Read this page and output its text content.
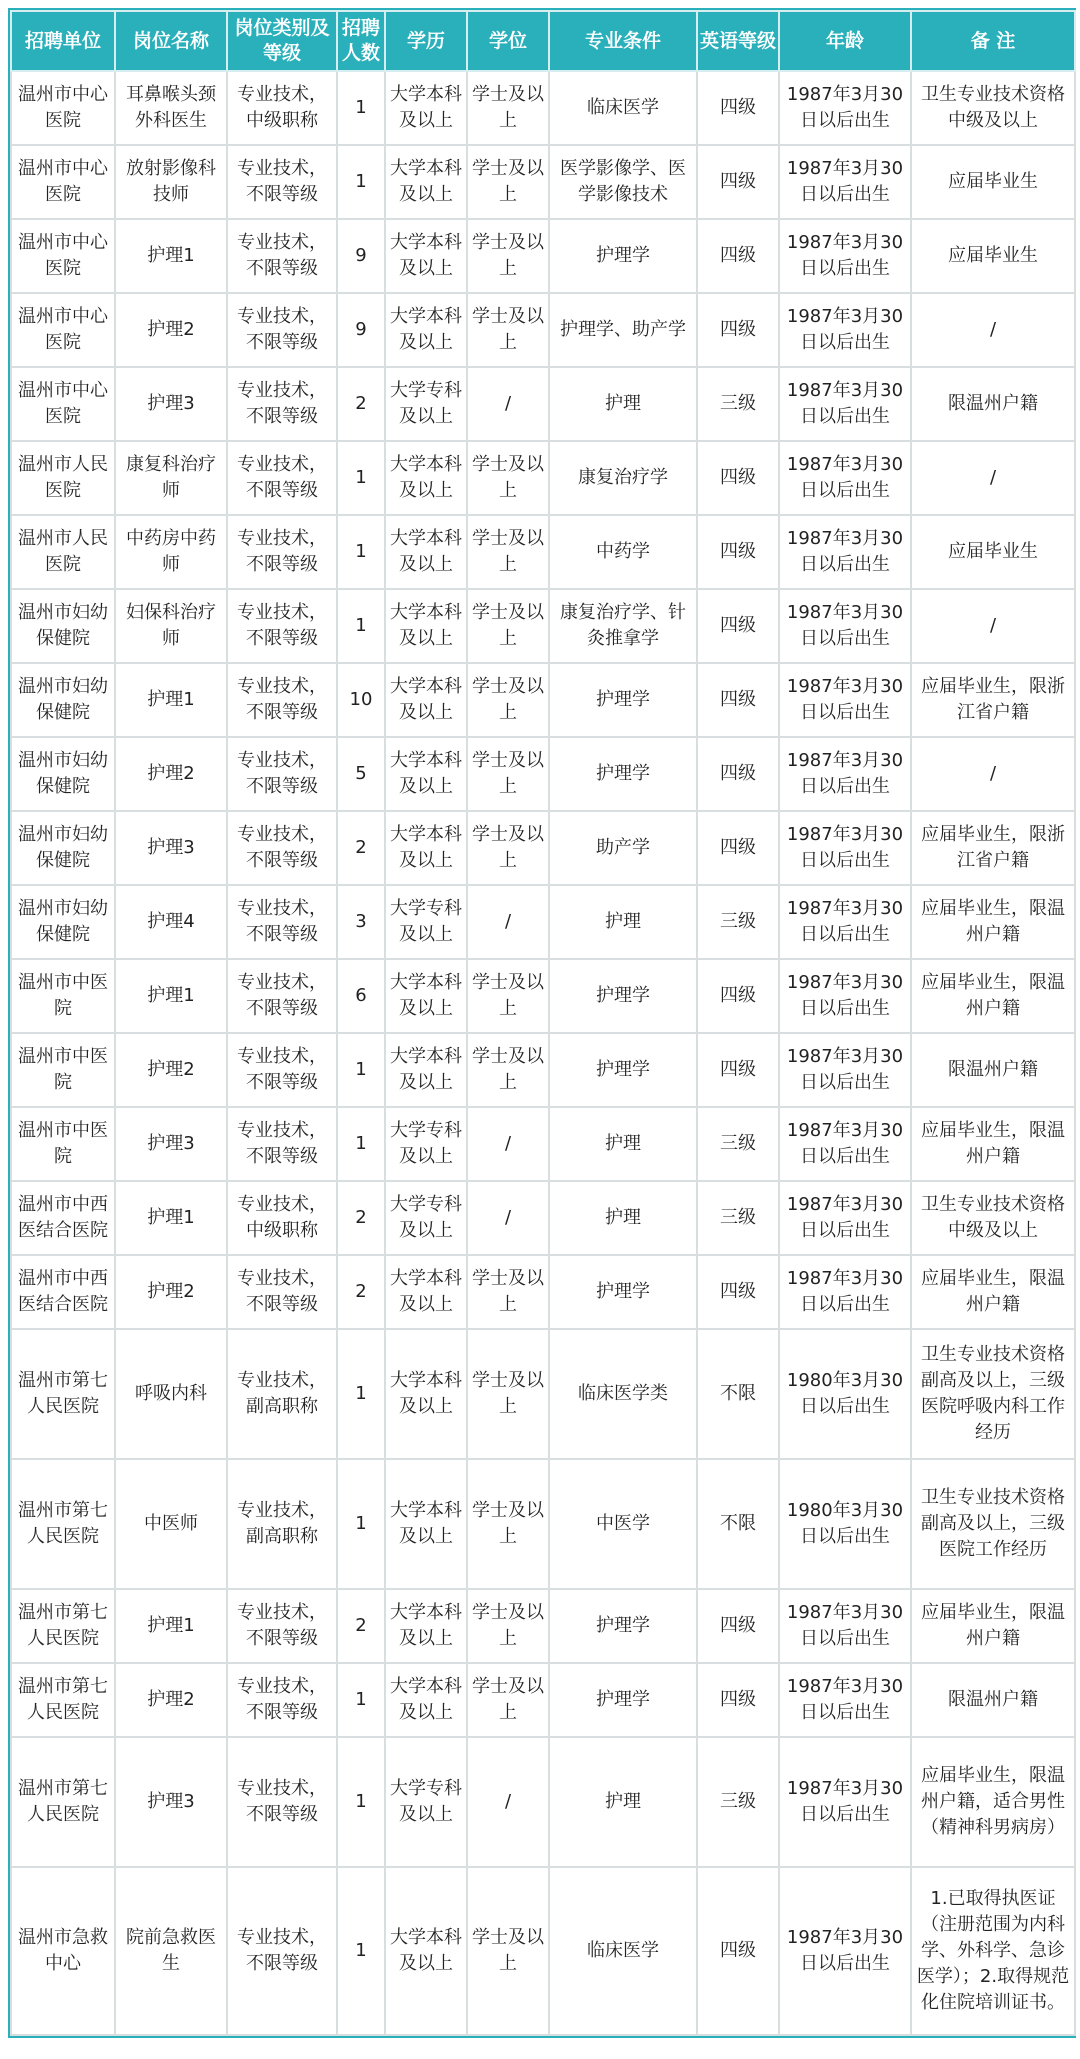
招聘单位	岗位名称	岗位类别及等级	招聘人数	学历	学位	专业条件	英语等级	年龄	备 注
温州市中心医院	耳鼻喉头颈外科医生	专业技术，中级职称	1	大学本科及以上	学士及以上	临床医学	四级	1987年3月30日以后出生	卫生专业技术资格中级及以上
温州市中心医院	放射影像科技师	专业技术，不限等级	1	大学本科及以上	学士及以上	医学影像学、医学影像技术	四级	1987年3月30日以后出生	应届毕业生
温州市中心医院	护理1	专业技术，不限等级	9	大学本科及以上	学士及以上	护理学	四级	1987年3月30日以后出生	应届毕业生
温州市中心医院	护理2	专业技术，不限等级	9	大学本科及以上	学士及以上	护理学、助产学	四级	1987年3月30日以后出生	/
温州市中心医院	护理3	专业技术，不限等级	2	大学专科及以上	/	护理	三级	1987年3月30日以后出生	限温州户籍
温州市人民医院	康复科治疗师	专业技术，不限等级	1	大学本科及以上	学士及以上	康复治疗学	四级	1987年3月30日以后出生	/
温州市人民医院	中药房中药师	专业技术，不限等级	1	大学本科及以上	学士及以上	中药学	四级	1987年3月30日以后出生	应届毕业生
温州市妇幼保健院	妇保科治疗师	专业技术，不限等级	1	大学本科及以上	学士及以上	康复治疗学、针灸推拿学	四级	1987年3月30日以后出生	/
温州市妇幼保健院	护理1	专业技术，不限等级	10	大学本科及以上	学士及以上	护理学	四级	1987年3月30日以后出生	应届毕业生，限浙江省户籍
温州市妇幼保健院	护理2	专业技术，不限等级	5	大学本科及以上	学士及以上	护理学	四级	1987年3月30日以后出生	/
温州市妇幼保健院	护理3	专业技术，不限等级	2	大学本科及以上	学士及以上	助产学	四级	1987年3月30日以后出生	应届毕业生，限浙江省户籍
温州市妇幼保健院	护理4	专业技术，不限等级	3	大学专科及以上	/	护理	三级	1987年3月30日以后出生	应届毕业生，限温州户籍
温州市中医院	护理1	专业技术，不限等级	6	大学本科及以上	学士及以上	护理学	四级	1987年3月30日以后出生	应届毕业生，限温州户籍
温州市中医院	护理2	专业技术，不限等级	1	大学本科及以上	学士及以上	护理学	四级	1987年3月30日以后出生	限温州户籍
温州市中医院	护理3	专业技术，不限等级	1	大学专科及以上	/	护理	三级	1987年3月30日以后出生	应届毕业生，限温州户籍
温州市中西医结合医院	护理1	专业技术，中级职称	2	大学专科及以上	/	护理	三级	1987年3月30日以后出生	卫生专业技术资格中级及以上
温州市中西医结合医院	护理2	专业技术，不限等级	2	大学本科及以上	学士及以上	护理学	四级	1987年3月30日以后出生	应届毕业生，限温州户籍
温州市第七人民医院	呼吸内科	专业技术，副高职称	1	大学本科及以上	学士及以上	临床医学类	不限	1980年3月30日以后出生	卫生专业技术资格副高及以上，三级医院呼吸内科工作经历
温州市第七人民医院	中医师	专业技术，副高职称	1	大学本科及以上	学士及以上	中医学	不限	1980年3月30日以后出生	卫生专业技术资格副高及以上，三级医院工作经历
温州市第七人民医院	护理1	专业技术，不限等级	2	大学本科及以上	学士及以上	护理学	四级	1987年3月30日以后出生	应届毕业生，限温州户籍
温州市第七人民医院	护理2	专业技术，不限等级	1	大学本科及以上	学士及以上	护理学	四级	1987年3月30日以后出生	限温州户籍
温州市第七人民医院	护理3	专业技术，不限等级	1	大学专科及以上	/	护理	三级	1987年3月30日以后出生	应届毕业生，限温州户籍，适合男性（精神科男病房）
温州市急救中心	院前急救医生	专业技术，不限等级	1	大学本科及以上	学士及以上	临床医学	四级	1987年3月30日以后出生	1.已取得执医证（注册范围为内科学、外科学、急诊医学）；2.取得规范化住院培训证书。
